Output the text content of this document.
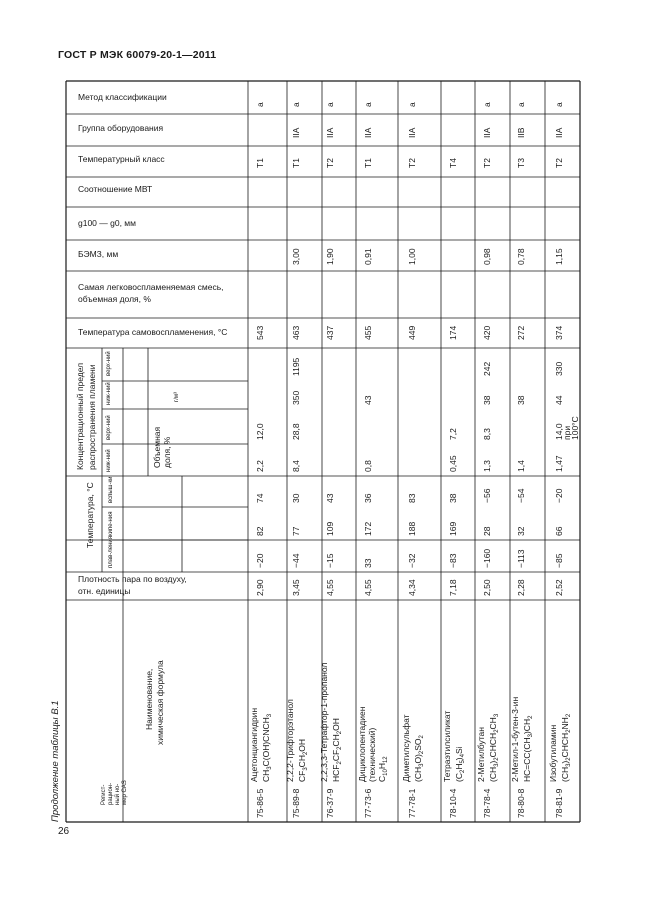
ГОСТ Р МЭК 60079-20-1—2011
Продолжение таблицы В.1
26
Метод классификации
Группа оборудования
Температурный класс
Соотношение МВТ
g100 — g0, мм
БЭМЗ, мм
Самая легковоспламеняемая смесь,
объемная доля, %
Температура самовоспламенения, °С
Плотность пара по воздуху,
отн. единицы
Концентрационный предел распространения пламени
Температура, °С
г/м³
Объемная доля, %
верх-ний
ниж-ний
верх-ний
ниж-ний
вспыш-ки
кипе-ния
плав-ления
Наименование, химическая формула
Регист- рацион- ный но- мер CAS
a
T1
543
12,0
2,2
74
82
−20
2,90
75-86-5
Ацетонциангидрин $CH_3C(OH)CNCH_3$
a
IIA
T1
3,00
463
1195
350
28,8
8,4
30
77
−44
3,45
75-89-8
2,2,2-Трифторэтанол $CF_3CH_2OH$
a
IIA
T2
1,90
437
43
109
−15
4,55
76-37-9
2,2,3,3-Тетрафтор-1-пропанол $HCF_2CF_2CH_2OH$
a
IIA
T1
0,91
455
43
0,8
36
172
33
4,55
77-73-6
Дициклопентадиен (технический) $C_{10}H_{12}$
a
IIA
T2
1,00
449
83
188
−32
4,34
77-78-1
Диметилсульфат $(CH_3O)_2SO_2$
T4
174
7,2
0,45
38
169
−83
7,18
78-10-4
Тетраэтилсиликат $(C_2H_5)_4Si$
a
IIA
T2
0,98
420
242
38
8,3
1,3
−56
28
−160
2,50
78-78-4
2-Метилбутан $(CH_3)_2CHCH_2CH_3$
a
IIB
T3
0,78
272
38
1,4
−54
32
−113
2,28
78-80-8
2-Метил-1-бутен-3-ин $HC=CC(CH_3)CH_2$
a
IIA
T2
1,15
374
330
44
14,0
1,47
−20
66
−85
2,52
при
100°C
78-81-9
Изобутиламин $(CH_3)_2CHCH_2NH_2$
